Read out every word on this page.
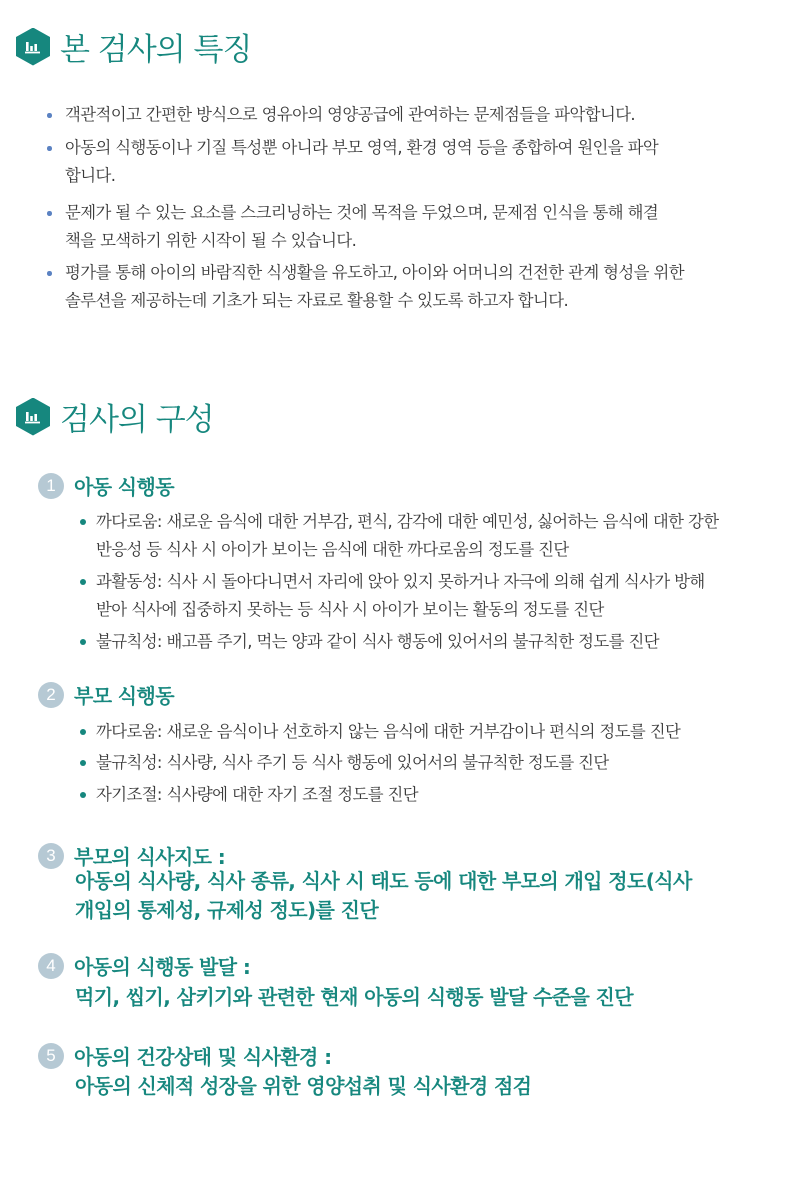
본 검사의 특징
객관적이고 간편한 방식으로 영유아의 영양공급에 관여하는 문제점들을 파악합니다.
아동의 식행동이나 기질 특성뿐 아니라 부모 영역, 환경 영역 등을 종합하여 원인을 파악
합니다.
문제가 될 수 있는 요소를 스크리닝하는 것에 목적을 두었으며, 문제점 인식을 통해 해결
책을 모색하기 위한 시작이 될 수 있습니다.
평가를 통해 아이의 바람직한 식생활을 유도하고, 아이와 어머니의 건전한 관계 형성을 위한
솔루션을 제공하는데 기초가 되는 자료로 활용할 수 있도록 하고자 합니다.
검사의 구성
1 아동 식행동
까다로움: 새로운 음식에 대한 거부감, 편식, 감각에 대한 예민성, 싫어하는 음식에 대한 강한
반응성 등 식사 시 아이가 보이는 음식에 대한 까다로움의 정도를 진단
과활동성: 식사 시 돌아다니면서 자리에 앉아 있지 못하거나 자극에 의해 쉽게 식사가 방해
받아 식사에 집중하지 못하는 등 식사 시 아이가 보이는 활동의 정도를 진단
불규칙성: 배고픔 주기, 먹는 양과 같이 식사 행동에 있어서의 불규칙한 정도를 진단
2 부모 식행동
까다로움: 새로운 음식이나 선호하지 않는 음식에 대한 거부감이나 편식의 정도를 진단
불규칙성: 식사량, 식사 주기 등 식사 행동에 있어서의 불규칙한 정도를 진단
자기조절: 식사량에 대한 자기 조절 정도를 진단
3 부모의 식사지도 :
아동의 식사량, 식사 종류, 식사 시 태도 등에 대한 부모의 개입 정도(식사
개입의 통제성, 규제성 정도)를 진단
4 아동의 식행동 발달 :
먹기, 씹기, 삼키기와 관련한 현재 아동의 식행동 발달 수준을 진단
5 아동의 건강상태 및 식사환경 :
아동의 신체적 성장을 위한 영양섭취 및 식사환경 점검
